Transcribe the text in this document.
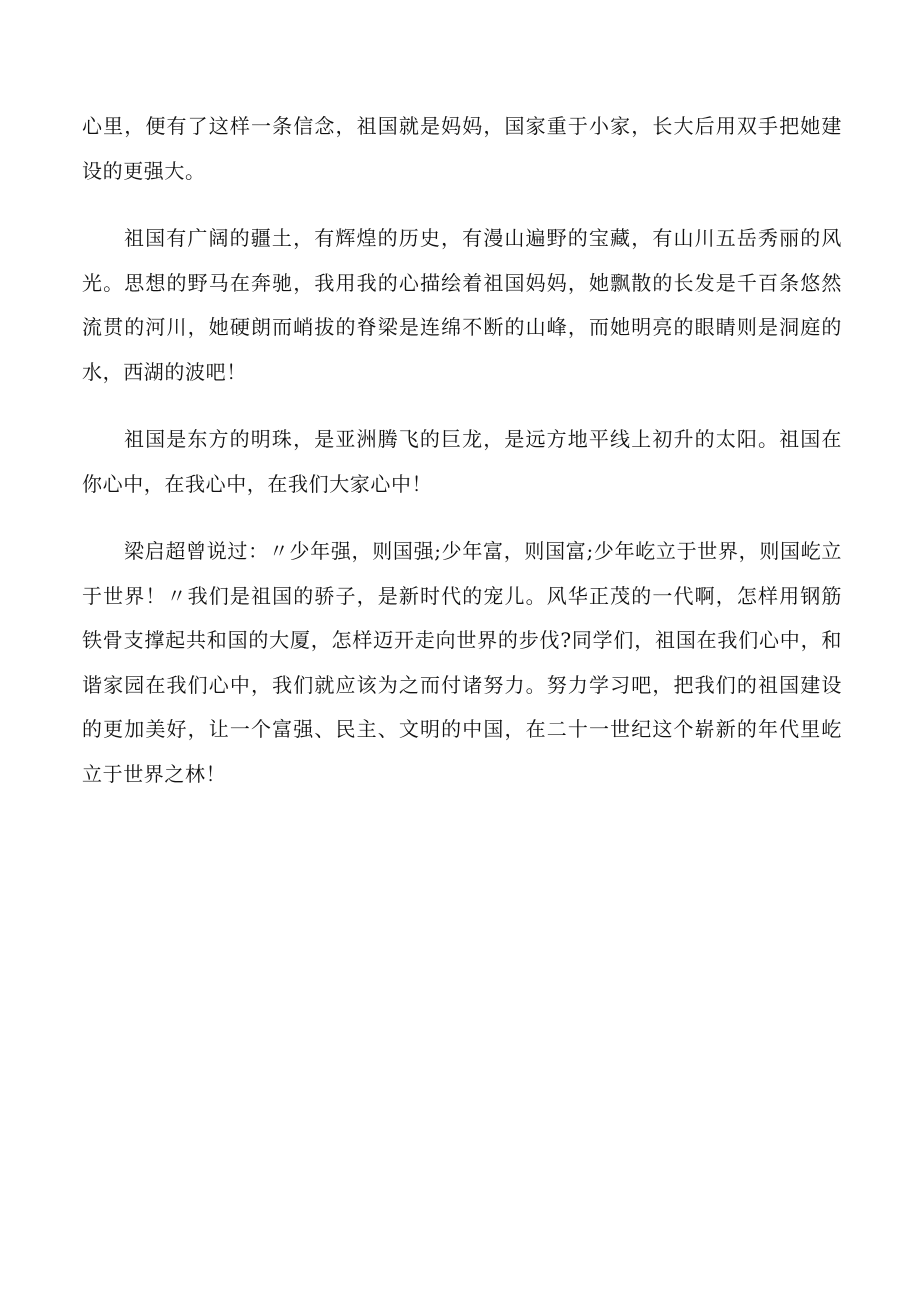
心里，便有了这样一条信念，祖国就是妈妈，国家重于小家，长大后用双手把她建设的更强大。

祖国有广阔的疆土，有辉煌的历史，有漫山遍野的宝藏，有山川五岳秀丽的风光。思想的野马在奔驰，我用我的心描绘着祖国妈妈，她飘散的长发是千百条悠然流贯的河川，她硬朗而峭拔的脊梁是连绵不断的山峰，而她明亮的眼睛则是洞庭的水，西湖的波吧！

祖国是东方的明珠，是亚洲腾飞的巨龙，是远方地平线上初升的太阳。祖国在你心中，在我心中，在我们大家心中！

梁启超曾说过：〃少年强，则国强;少年富，则国富;少年屹立于世界，则国屹立于世界！〃我们是祖国的骄子，是新时代的宠儿。风华正茂的一代啊，怎样用钢筋铁骨支撑起共和国的大厦，怎样迈开走向世界的步伐?同学们，祖国在我们心中，和谐家园在我们心中，我们就应该为之而付诸努力。努力学习吧，把我们的祖国建设的更加美好，让一个富强、民主、文明的中国，在二十一世纪这个崭新的年代里屹立于世界之林！
